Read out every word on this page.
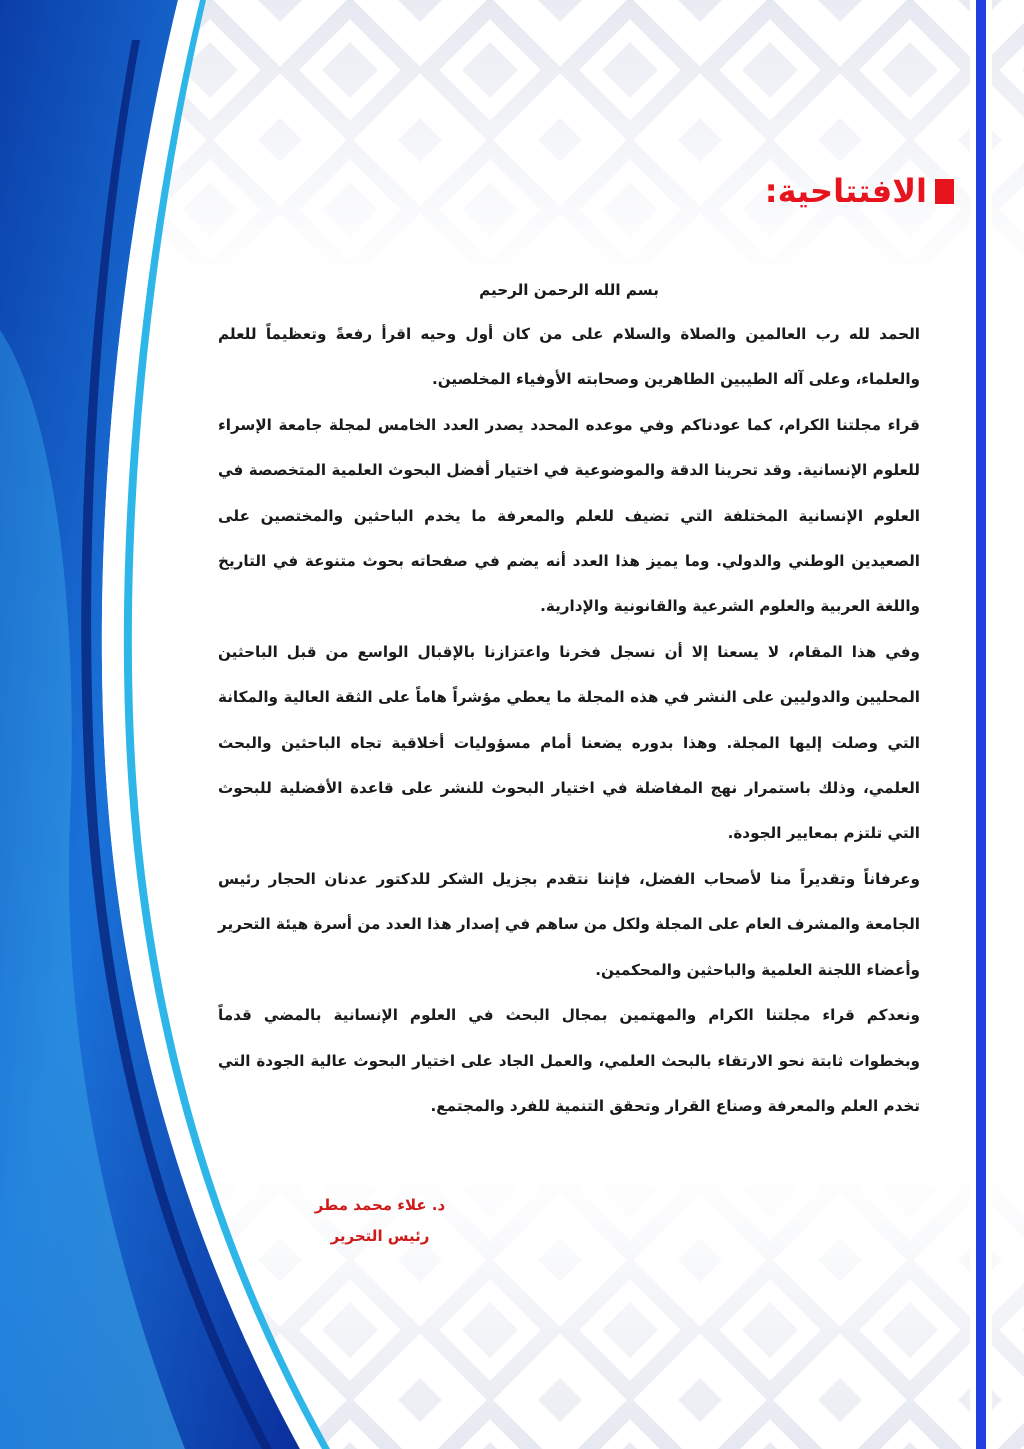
الافتتاحية:
بسم الله الرحمن الرحيم

الحمد لله رب العالمين والصلاة والسلام على من كان أول وحيه اقرأ رفعةً وتعظيماً للعلم والعلماء، وعلى آله الطيبين الطاهرين وصحابته الأوفياء المخلصين.

قراء مجلتنا الكرام، كما عودناكم وفي موعده المحدد يصدر العدد الخامس لمجلة جامعة الإسراء للعلوم الإنسانية. وقد تحرينا الدقة والموضوعية في اختيار أفضل البحوث العلمية المتخصصة في العلوم الإنسانية المختلفة التي تضيف للعلم والمعرفة ما يخدم الباحثين والمختصين على الصعيدين الوطني والدولي. وما يميز هذا العدد أنه يضم في صفحاته بحوث متنوعة في التاريخ واللغة العربية والعلوم الشرعية والقانونية والإدارية.

وفي هذا المقام، لا يسعنا إلا أن نسجل فخرنا واعتزازنا بالإقبال الواسع من قبل الباحثين المحليين والدوليين على النشر في هذه المجلة ما يعطي مؤشراً هاماً على الثقة العالية والمكانة التي وصلت إليها المجلة. وهذا بدوره يضعنا أمام مسؤوليات أخلاقية تجاه الباحثين والبحث العلمي، وذلك باستمرار نهج المفاضلة في اختيار البحوث للنشر على قاعدة الأفضلية للبحوث التي تلتزم بمعايير الجودة.

وعرفاناً وتقديراً منا لأصحاب الفضل، فإننا نتقدم بجزيل الشكر للدكتور عدنان الحجار رئيس الجامعة والمشرف العام على المجلة ولكل من ساهم في إصدار هذا العدد من أسرة هيئة التحرير وأعضاء اللجنة العلمية والباحثين والمحكمين.

ونعدكم قراء مجلتنا الكرام والمهتمين بمجال البحث في العلوم الإنسانية بالمضي قدماً وبخطوات ثابتة نحو الارتقاء بالبحث العلمي، والعمل الجاد على اختيار البحوث عالية الجودة التي تخدم العلم والمعرفة وصناع القرار وتحقق التنمية للفرد والمجتمع.

د. علاء محمد مطر
رئيس التحرير
